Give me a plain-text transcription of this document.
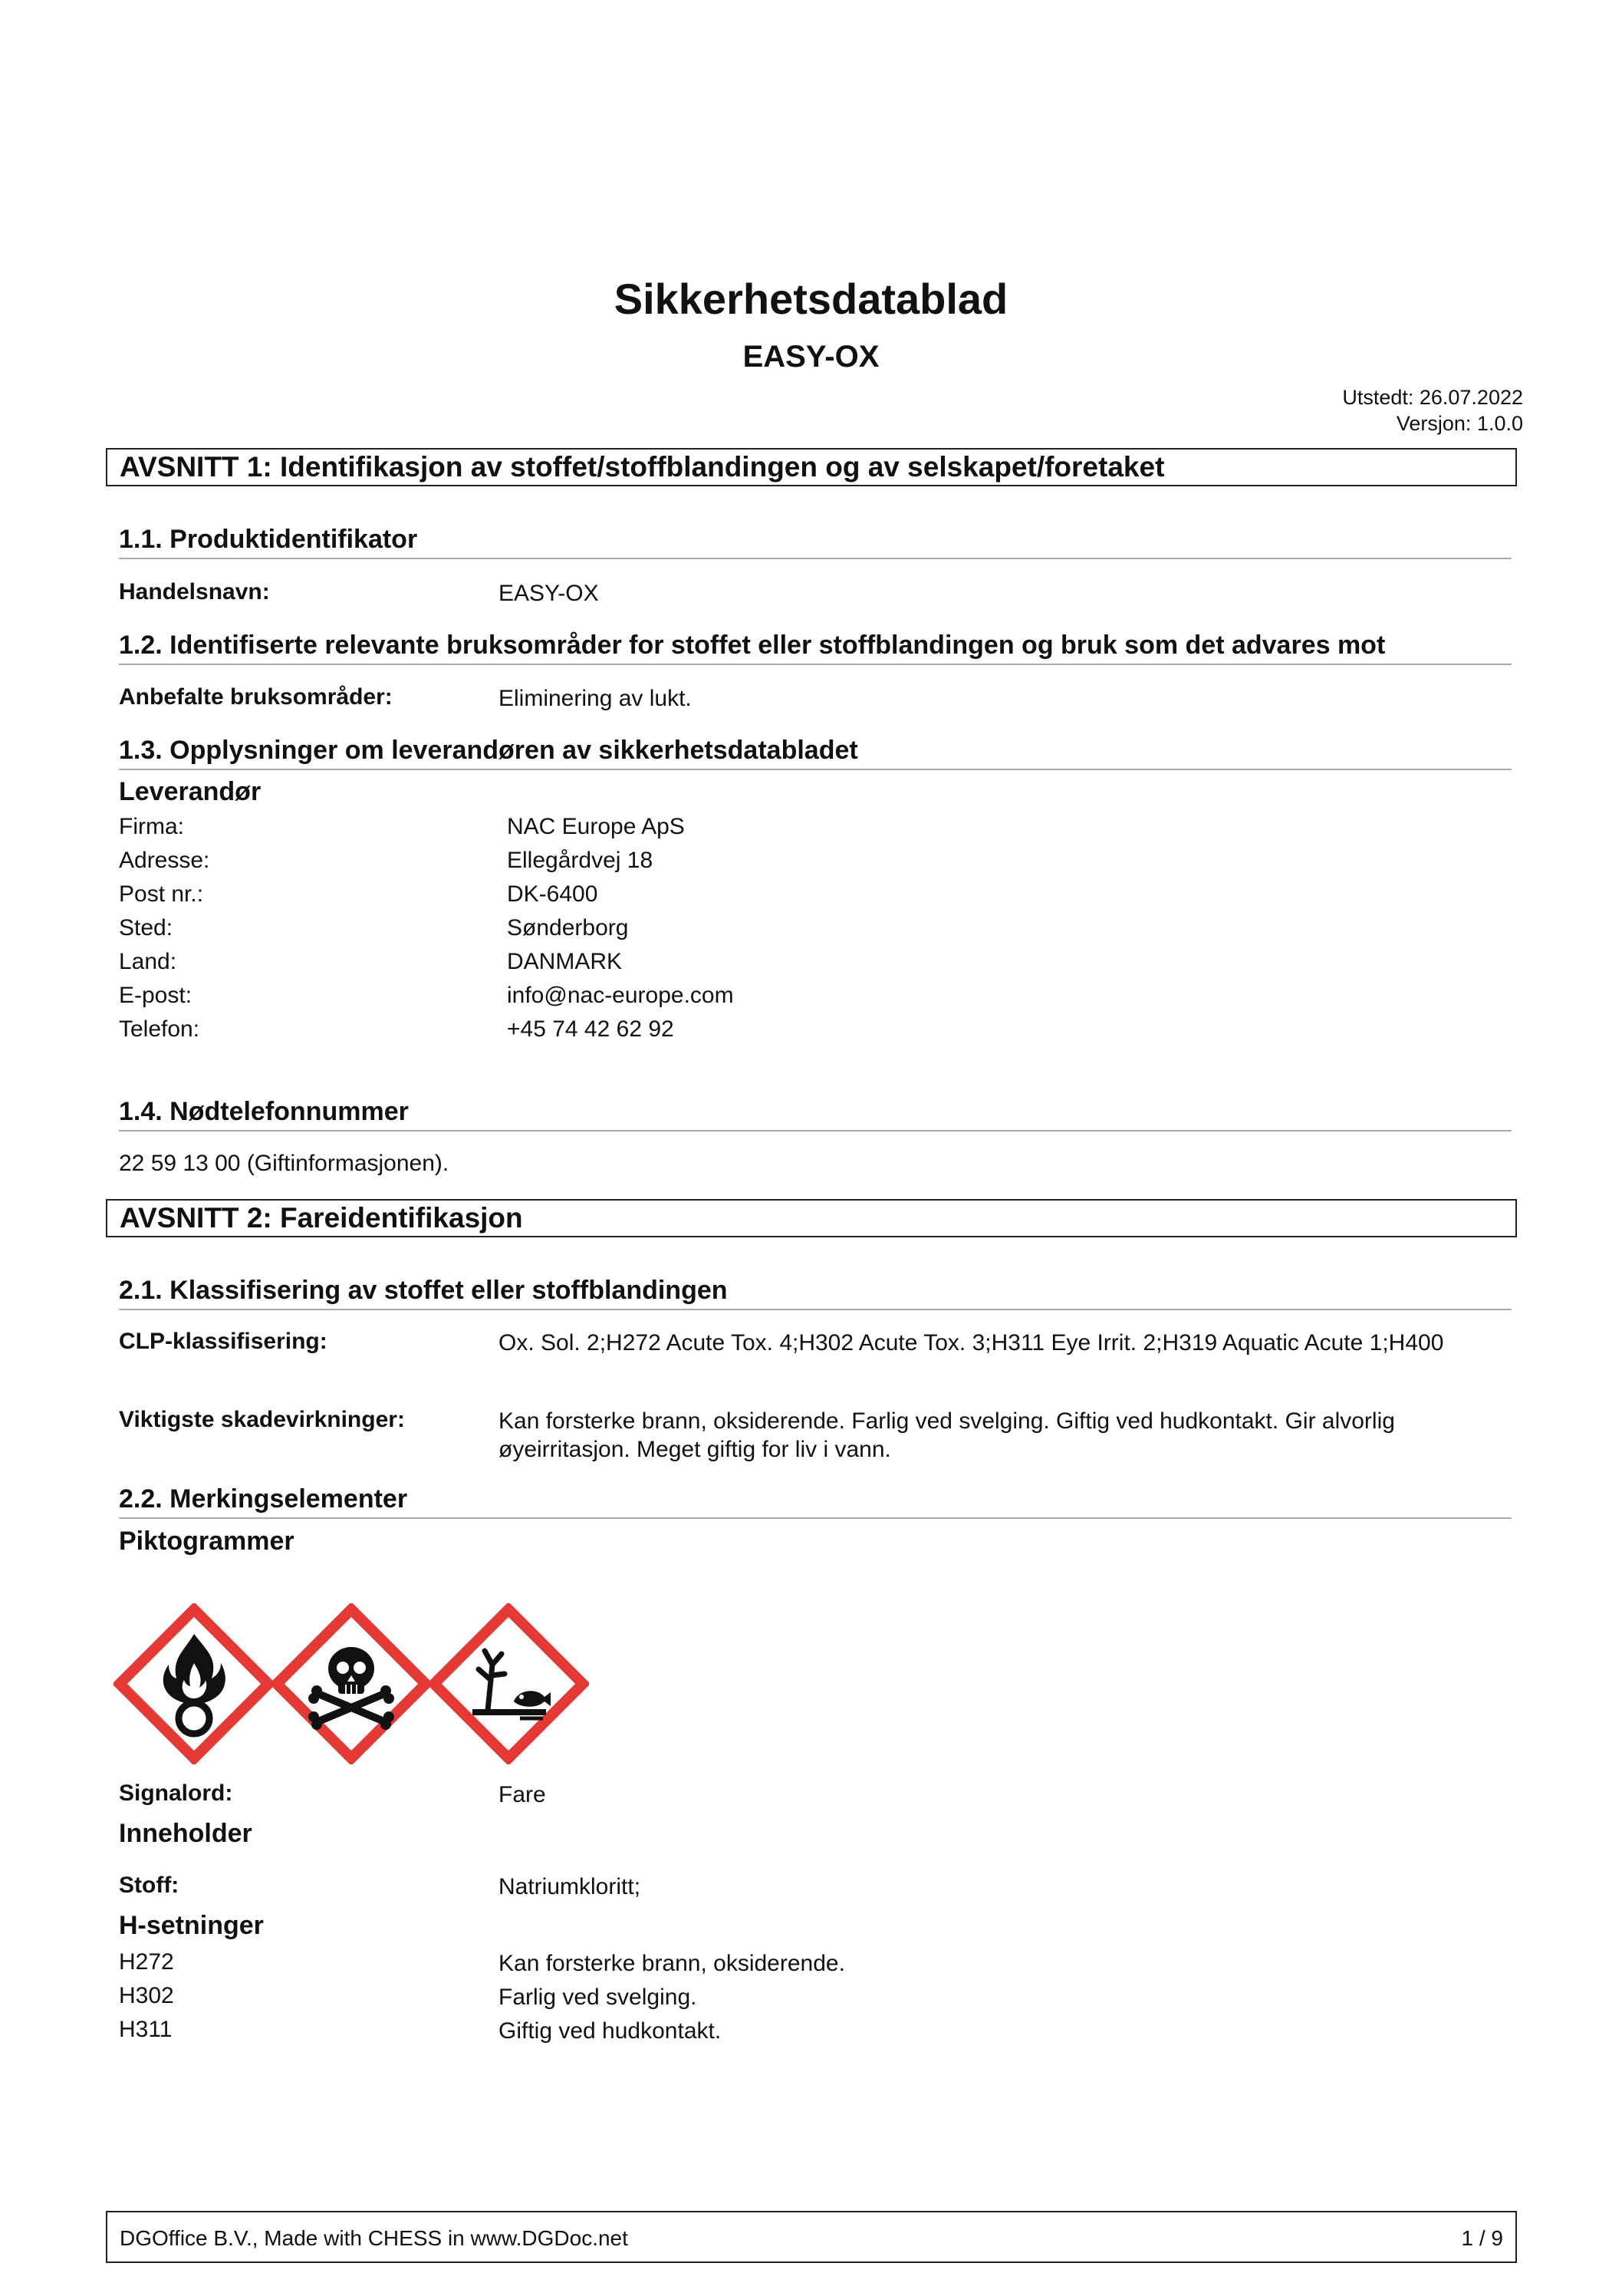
Sikkerhetsdatablad
EASY-OX
Utstedt: 26.07.2022
Versjon: 1.0.0
AVSNITT 1: Identifikasjon av stoffet/stoffblandingen og av selskapet/foretaket
1.1. Produktidentifikator
Handelsnavn:	EASY-OX
1.2. Identifiserte relevante bruksområder for stoffet eller stoffblandingen og bruk som det advares mot
Anbefalte bruksområder:	Eliminering av lukt.
1.3. Opplysninger om leverandøren av sikkerhetsdatabladet
Leverandør
Firma:	NAC Europe ApS
Adresse:	Ellegårdvej 18
Post nr.:	DK-6400
Sted:	Sønderborg
Land:	DANMARK
E-post:	info@nac-europe.com
Telefon:	+45 74 42 62 92
1.4. Nødtelefonnummer
22 59 13 00 (Giftinformasjonen).
AVSNITT 2: Fareidentifikasjon
2.1. Klassifisering av stoffet eller stoffblandingen
CLP-klassifisering:	Ox. Sol. 2;H272 Acute Tox. 4;H302 Acute Tox. 3;H311 Eye Irrit. 2;H319 Aquatic Acute 1;H400
Viktigste skadevirkninger:	Kan forsterke brann, oksiderende. Farlig ved svelging. Giftig ved hudkontakt. Gir alvorlig øyeirritasjon. Meget giftig for liv i vann.
2.2. Merkingselementer
Piktogrammer
Signalord:	Fare
Inneholder
Stoff:	Natriumkloritt;
H-setninger
H272	Kan forsterke brann, oksiderende.
H302	Farlig ved svelging.
H311	Giftig ved hudkontakt.
DGOffice B.V., Made with CHESS in www.DGDoc.net	1 / 9
